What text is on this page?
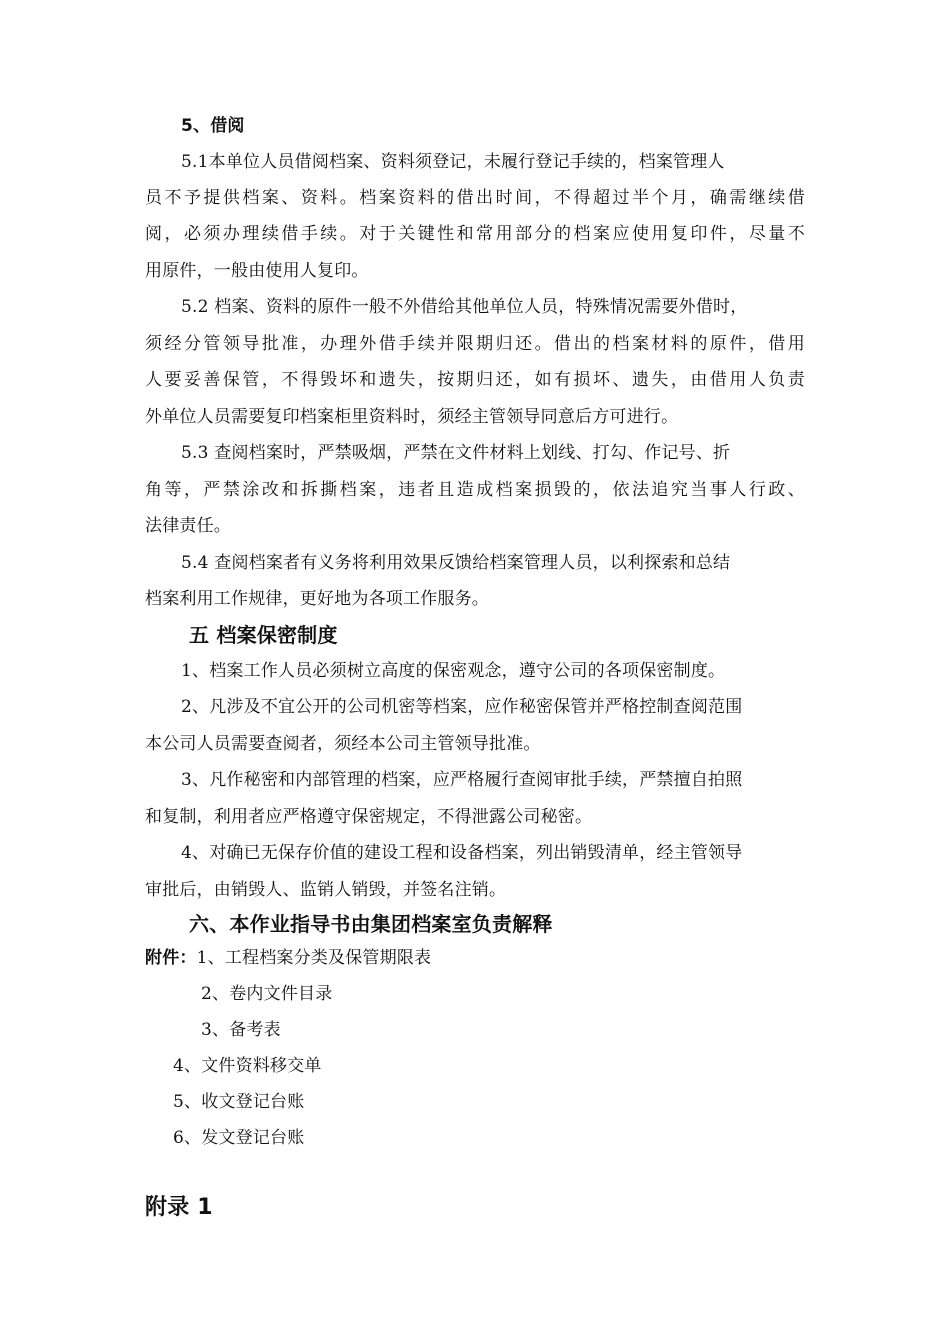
5、借阅
5.1本单位人员借阅档案、资料须登记，未履行登记手续的，档案管理人
员不予提供档案、资料。档案资料的借出时间，不得超过半个月，确需继续借
阅，必须办理续借手续。对于关键性和常用部分的档案应使用复印件，尽量不
用原件，一般由使用人复印。
5.2 档案、资料的原件一般不外借给其他单位人员，特殊情况需要外借时，
须经分管领导批准，办理外借手续并限期归还。借出的档案材料的原件，借用
人要妥善保管，不得毁坏和遗失，按期归还，如有损坏、遗失，由借用人负责
外单位人员需要复印档案柜里资料时，须经主管领导同意后方可进行。
5.3 查阅档案时，严禁吸烟，严禁在文件材料上划线、打勾、作记号、折
角等，严禁涂改和拆撕档案，违者且造成档案损毁的，依法追究当事人行政、
法律责任。
5.4 查阅档案者有义务将利用效果反馈给档案管理人员，以利探索和总结
档案利用工作规律，更好地为各项工作服务。
五 档案保密制度
1、档案工作人员必须树立高度的保密观念，遵守公司的各项保密制度。
2、凡涉及不宜公开的公司机密等档案，应作秘密保管并严格控制查阅范围
本公司人员需要查阅者，须经本公司主管领导批准。
3、凡作秘密和内部管理的档案，应严格履行查阅审批手续，严禁擅自拍照
和复制，利用者应严格遵守保密规定，不得泄露公司秘密。
4、对确已无保存价值的建设工程和设备档案，列出销毁清单，经主管领导
审批后，由销毁人、监销人销毁，并签名注销。
六、本作业指导书由集团档案室负责解释
附件：1、工程档案分类及保管期限表
2、卷内文件目录
3、备考表
4、文件资料移交单
5、收文登记台账
6、发文登记台账
附录 1
